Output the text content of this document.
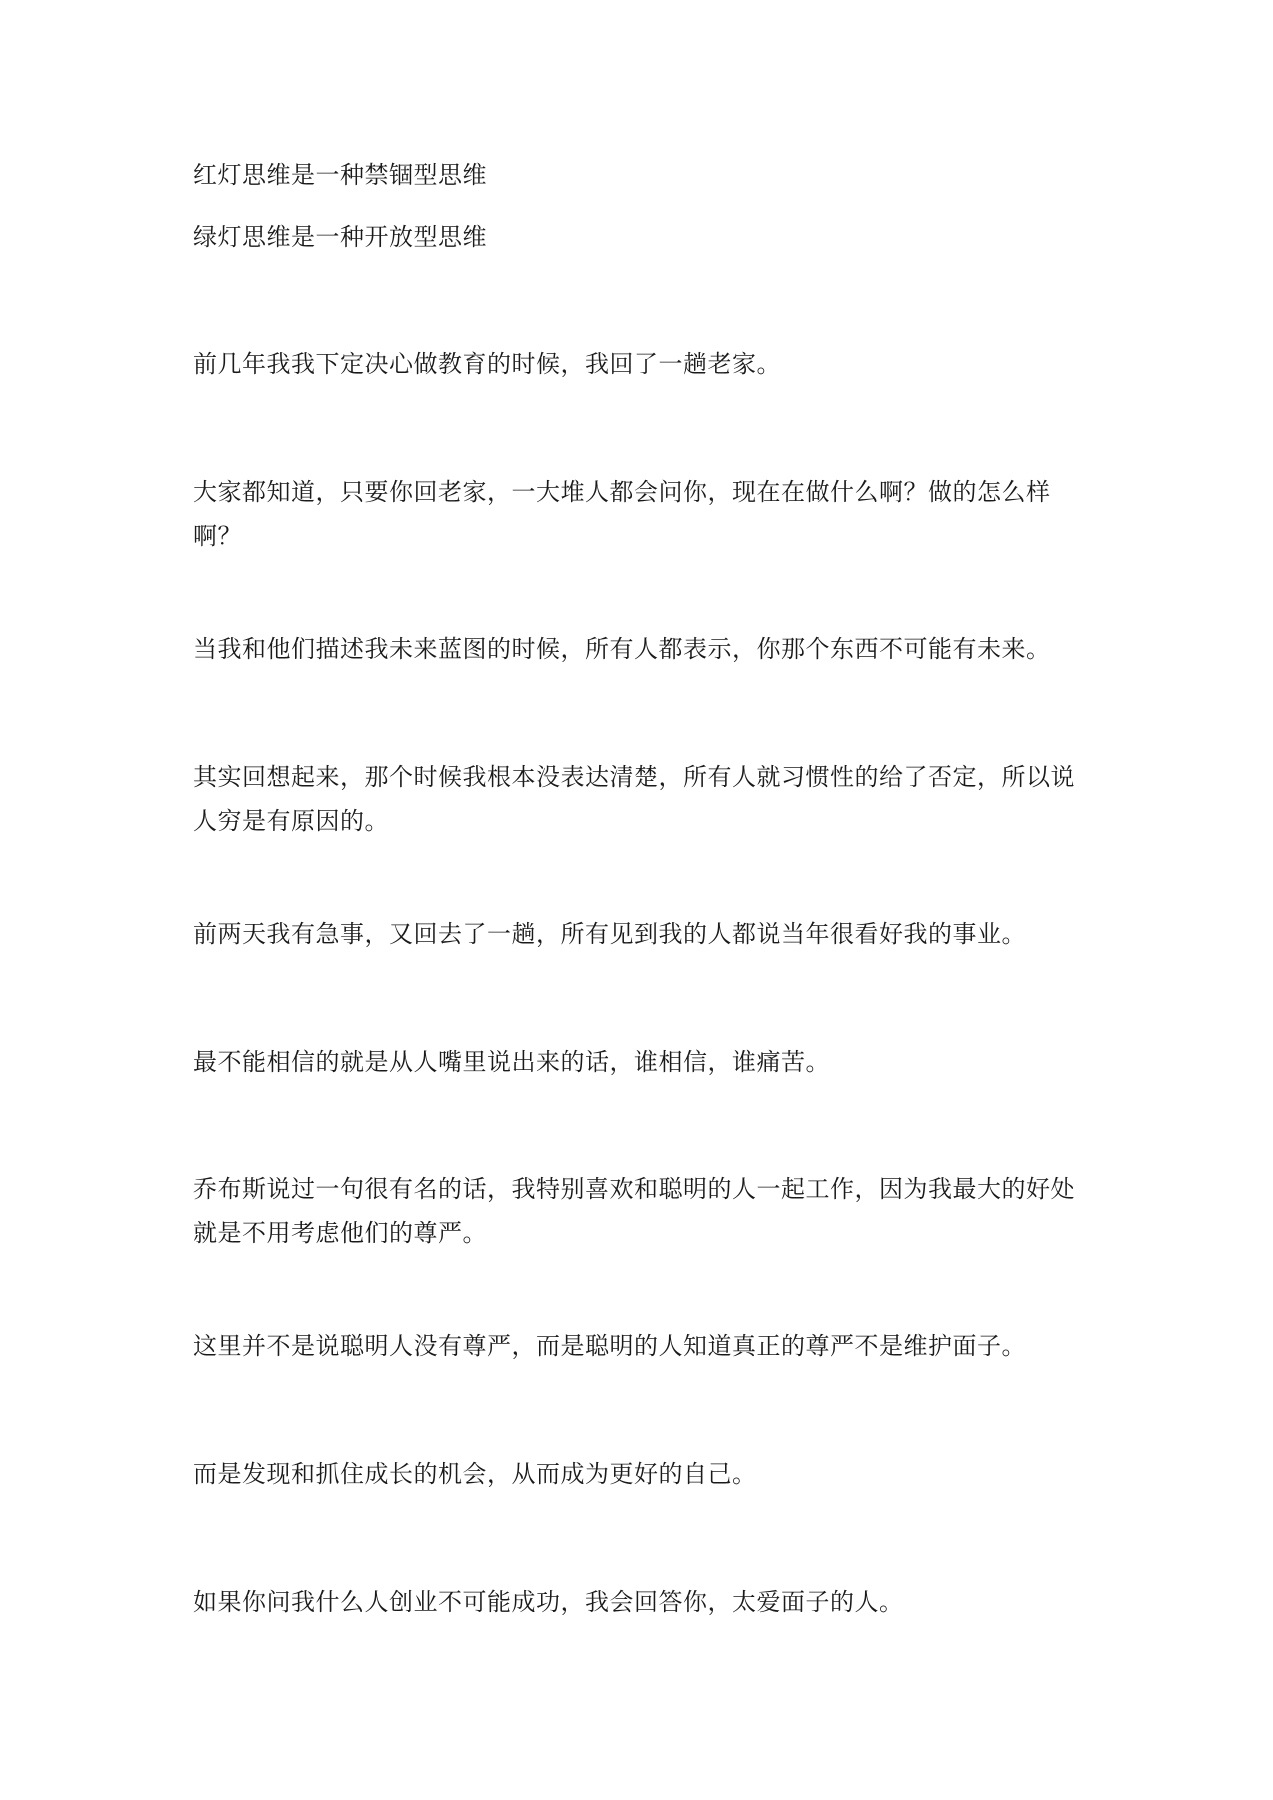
红灯思维是一种禁锢型思维

绿灯思维是一种开放型思维

前几年我我下定决心做教育的时候，我回了一趟老家。

大家都知道，只要你回老家，一大堆人都会问你，现在在做什么啊？做的怎么样啊？

当我和他们描述我未来蓝图的时候，所有人都表示，你那个东西不可能有未来。

其实回想起来，那个时候我根本没表达清楚，所有人就习惯性的给了否定，所以说人穷是有原因的。

前两天我有急事，又回去了一趟，所有见到我的人都说当年很看好我的事业。

最不能相信的就是从人嘴里说出来的话，谁相信，谁痛苦。

乔布斯说过一句很有名的话，我特别喜欢和聪明的人一起工作，因为我最大的好处就是不用考虑他们的尊严。

这里并不是说聪明人没有尊严，而是聪明的人知道真正的尊严不是维护面子。

而是发现和抓住成长的机会，从而成为更好的自己。

如果你问我什么人创业不可能成功，我会回答你，太爱面子的人。
